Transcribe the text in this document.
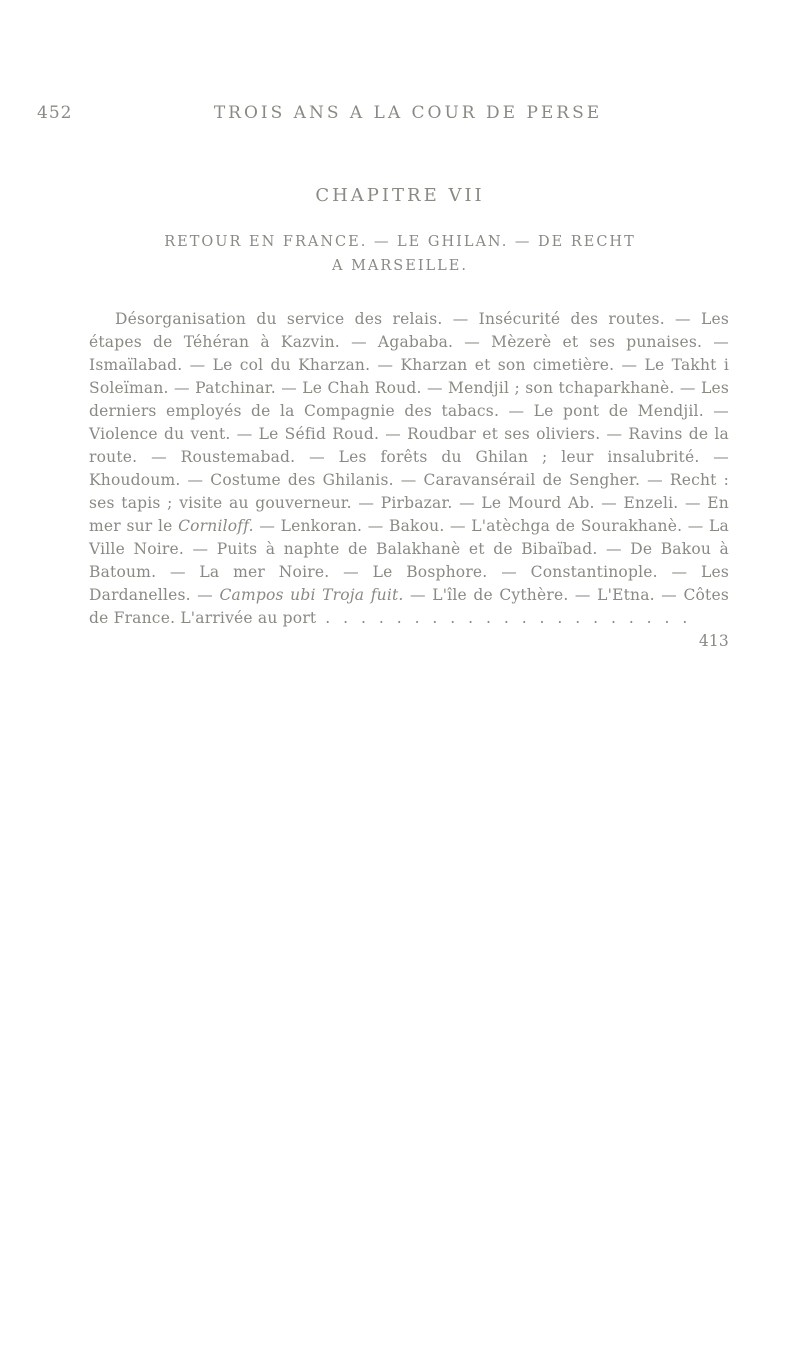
452	TROIS ANS A LA COUR DE PERSE
CHAPITRE VII
RETOUR EN FRANCE. — LE GHILAN. — DE RECHT
A MARSEILLE.

Désorganisation du service des relais. — Insécurité des routes. — Les étapes de Téhéran à Kazvin. — Agababa. — Mèzerè et ses punaises. — Ismaïlabad. — Le col du Kharzan. — Kharzan et son cimetière. — Le Takht i Soleïman. — Patchinar. — Le Chah Roud. — Mendjil ; son tchaparkhanè. — Les derniers employés de la Compagnie des tabacs. — Le pont de Mendjil. — Violence du vent. — Le Séfid Roud. — Roudbar et ses oliviers. — Ravins de la route. — Roustemabad. — Les forêts du Ghilan ; leur insalubrité. — Khoudoum. — Costume des Ghilanis. — Caravansérail de Sengher. — Recht : ses tapis ; visite au gouverneur. — Pirbazar. — Le Mourd Ab. — Enzeli. — En mer sur le Corniloff. — Lenkoran. — Bakou. — L'atèchga de Sourakhanè. — La Ville Noire. — Puits à naphte de Balakhanè et de Bibaïbad. — De Bakou à Batoum. — La mer Noire. — Le Bosphore. — Constantinople. — Les Dardanelles. — Campos ubi Troja fuit. — L'île de Cythère. — L'Etna. — Côtes de France. L'arrivée au port . . . . . . . . . . . . . . . . . . . . .
413
